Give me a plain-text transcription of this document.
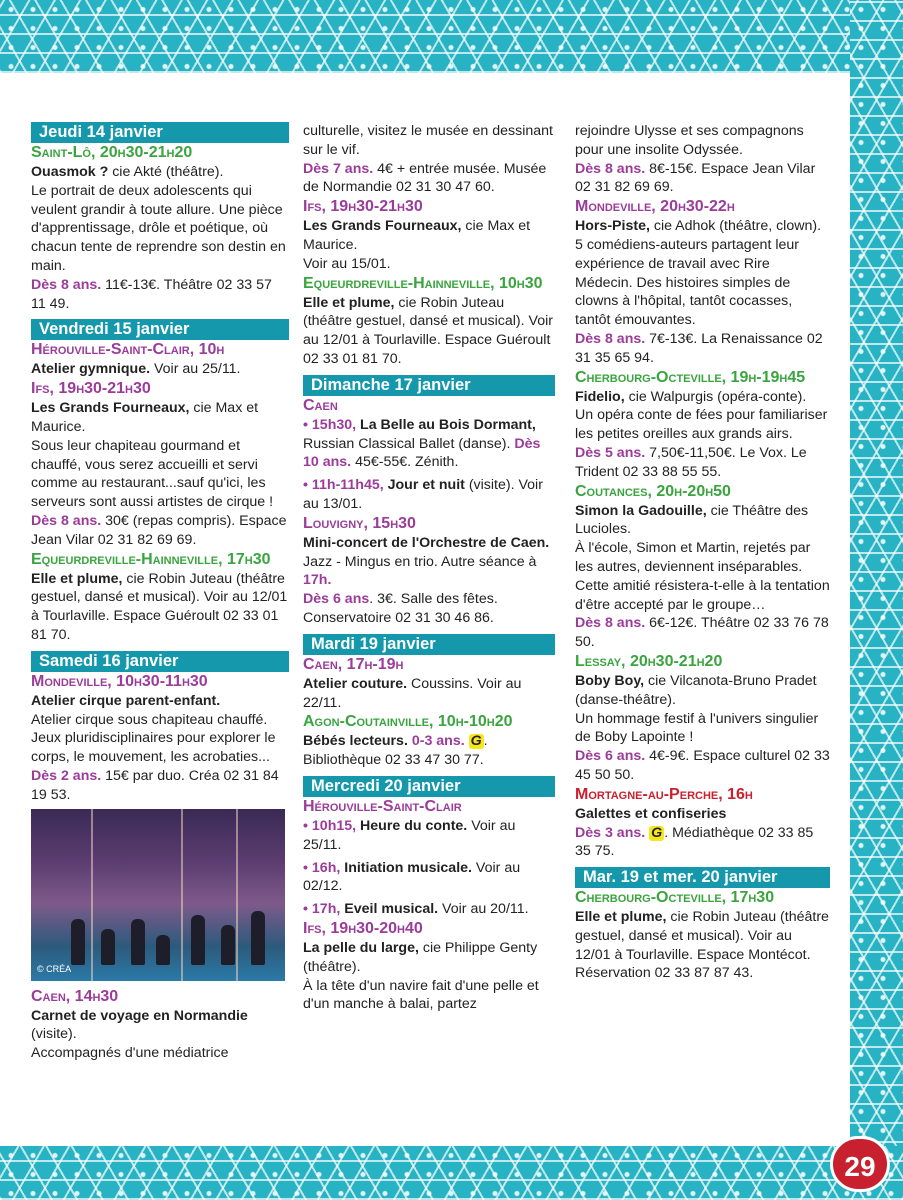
29
Jeudi 14 janvier
Saint-Lô, 20h30-21h20
Ouasmok ? cie Akté (théâtre).
Le portrait de deux adolescents qui veulent grandir à toute allure. Une pièce d'apprentissage, drôle et poétique, où chacun tente de reprendre son destin en main.
Dès 8 ans. 11€-13€. Théâtre 02 33 57 11 49.
Vendredi 15 janvier
Hérouville-Saint-Clair, 10h
Atelier gymnique. Voir au 25/11.
Ifs, 19h30-21h30
Les Grands Fourneaux, cie Max et Maurice.
Sous leur chapiteau gourmand et chauffé, vous serez accueilli et servi comme au restaurant...sauf qu'ici, les serveurs sont aussi artistes de cirque !
Dès 8 ans. 30€ (repas compris). Espace Jean Vilar 02 31 82 69 69.
Equeurdreville-Hainneville, 17h30
Elle et plume, cie Robin Juteau (théâtre gestuel, dansé et musical). Voir au 12/01 à Tourlaville. Espace Guéroult 02 33 01 81 70.
Samedi 16 janvier
Mondeville, 10h30-11h30
Atelier cirque parent-enfant.
Atelier cirque sous chapiteau chauffé. Jeux pluridisciplinaires pour explorer le corps, le mouvement, les acrobaties...
Dès 2 ans. 15€ par duo. Créa 02 31 84 19 53.
© CRÉA
Caen, 14h30
Carnet de voyage en Normandie (visite).
Accompagnés d'une médiatrice
culturelle, visitez le musée en dessinant sur le vif.
Dès 7 ans. 4€ + entrée musée. Musée de Normandie 02 31 30 47 60.
Ifs, 19h30-21h30
Les Grands Fourneaux, cie Max et Maurice.
Voir au 15/01.
Equeurdreville-Hainneville, 10h30
Elle et plume, cie Robin Juteau (théâtre gestuel, dansé et musical). Voir au 12/01 à Tourlaville. Espace Guéroult 02 33 01 81 70.
Dimanche 17 janvier
Caen
• 15h30, La Belle au Bois Dormant, Russian Classical Ballet (danse). Dès 10 ans. 45€-55€. Zénith.
• 11h-11h45, Jour et nuit (visite). Voir au 13/01.
Louvigny, 15h30
Mini-concert de l'Orchestre de Caen.
Jazz - Mingus en trio. Autre séance à 17h.
Dès 6 ans. 3€. Salle des fêtes. Conservatoire 02 31 30 46 86.
Mardi 19 janvier
Caen, 17h-19h
Atelier couture. Coussins. Voir au 22/11.
Agon-Coutainville, 10h-10h20
Bébés lecteurs. 0-3 ans. G .
Bibliothèque 02 33 47 30 77.
Mercredi 20 janvier
Hérouville-Saint-Clair
• 10h15, Heure du conte. Voir au 25/11.
• 16h, Initiation musicale. Voir au 02/12.
• 17h, Eveil musical. Voir au 20/11.
Ifs, 19h30-20h40
La pelle du large, cie Philippe Genty (théâtre).
À la tête d'un navire fait d'une pelle et d'un manche à balai, partez
rejoindre Ulysse et ses compagnons pour une insolite Odyssée.
Dès 8 ans. 8€-15€. Espace Jean Vilar 02 31 82 69 69.
Mondeville, 20h30-22h
Hors-Piste, cie Adhok (théâtre, clown).
5 comédiens-auteurs partagent leur expérience de travail avec Rire Médecin. Des histoires simples de clowns à l'hôpital, tantôt cocasses, tantôt émouvantes.
Dès 8 ans. 7€-13€. La Renaissance 02 31 35 65 94.
Cherbourg-Octeville, 19h-19h45
Fidelio, cie Walpurgis (opéra-conte).
Un opéra conte de fées pour familiariser les petites oreilles aux grands airs.
Dès 5 ans. 7,50€-11,50€. Le Vox. Le Trident 02 33 88 55 55.
Coutances, 20h-20h50
Simon la Gadouille, cie Théâtre des Lucioles.
À l'école, Simon et Martin, rejetés par les autres, deviennent inséparables. Cette amitié résistera-t-elle à la tentation d'être accepté par le groupe…
Dès 8 ans. 6€-12€. Théâtre 02 33 76 78 50.
Lessay, 20h30-21h20
Boby Boy, cie Vilcanota-Bruno Pradet (danse-théâtre).
Un hommage festif à l'univers singulier de Boby Lapointe !
Dès 6 ans. 4€-9€. Espace culturel 02 33 45 50 50.
Mortagne-au-Perche, 16h
Galettes et confiseries
Dès 3 ans. G . Médiathèque 02 33 85 35 75.
Mar. 19 et mer. 20 janvier
Cherbourg-Octeville, 17h30
Elle et plume, cie Robin Juteau (théâtre gestuel, dansé et musical). Voir au 12/01 à Tourlaville. Espace Montécot. Réservation 02 33 87 87 43.
